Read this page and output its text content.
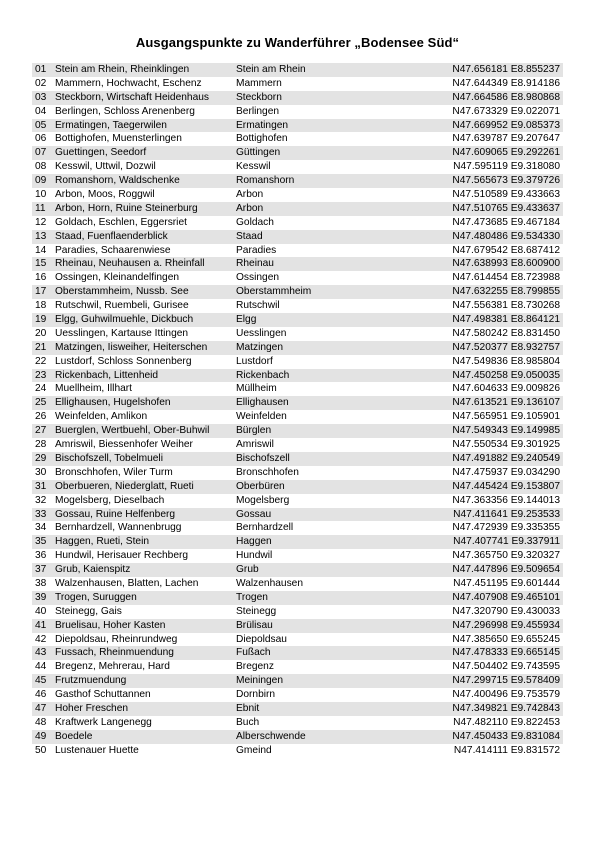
Ausgangspunkte zu Wanderführer „Bodensee Süd“
01 Stein am Rhein, Rheinklingen	Stein am Rhein	N47.656181 E8.855237
02 Mammern, Hochwacht, Eschenz	Mammern	N47.644349 E8.914186
03 Steckborn, Wirtschaft Heidenhaus	Steckborn	N47.664586 E8.980868
04 Berlingen, Schloss Arenenberg	Berlingen	N47.673329 E9.022071
05 Ermatingen, Taegerwilen	Ermatingen	N47.669952 E9.085373
06 Bottighofen, Muensterlingen	Bottighofen	N47.639787 E9.207647
07 Guettingen, Seedorf	Güttingen	N47.609065 E9.292261
08 Kesswil, Uttwil, Dozwil	Kesswil	N47.595119 E9.318080
09 Romanshorn, Waldschenke	Romanshorn	N47.565673 E9.379726
10 Arbon, Moos, Roggwil	Arbon	N47.510589 E9.433663
11 Arbon, Horn, Ruine Steinerburg	Arbon	N47.510765 E9.433637
12 Goldach, Eschlen, Eggersriet	Goldach	N47.473685 E9.467184
13 Staad, Fuenflaenderblick	Staad	N47.480486 E9.534330
14 Paradies, Schaarenwiese	Paradies	N47.679542 E8.687412
15 Rheinau, Neuhausen a. Rheinfall	Rheinau	N47.638993 E8.600900
16 Ossingen, Kleinandelfingen	Ossingen	N47.614454 E8.723988
17 Oberstammheim, Nussb. See	Oberstammheim	N47.632255 E8.799855
18 Rutschwil, Ruembeli, Gurisee	Rutschwil	N47.556381 E8.730268
19 Elgg, Guhwilmuehle, Dickbuch	Elgg	N47.498381 E8.864121
20 Uesslingen, Kartause Ittingen	Uesslingen	N47.580242 E8.831450
21 Matzingen, Iisweiher, Heiterschen	Matzingen	N47.520377 E8.932757
22 Lustdorf, Schloss Sonnenberg	Lustdorf	N47.549836 E8.985804
23 Rickenbach, Littenheid	Rickenbach	N47.450258 E9.050035
24 Muellheim, Illhart	Müllheim	N47.604633 E9.009826
25 Ellighausen, Hugelshofen	Ellighausen	N47.613521 E9.136107
26 Weinfelden, Amlikon	Weinfelden	N47.565951 E9.105901
27 Buerglen, Wertbuehl, Ober-Buhwil	Bürglen	N47.549343 E9.149985
28 Amriswil, Biessenhofer Weiher	Amriswil	N47.550534 E9.301925
29 Bischofszell, Tobelmueli	Bischofszell	N47.491882 E9.240549
30 Bronschhofen, Wiler Turm	Bronschhofen	N47.475937 E9.034290
31 Oberbueren, Niederglatt, Rueti	Oberbüren	N47.445424 E9.153807
32 Mogelsberg, Dieselbach	Mogelsberg	N47.363356 E9.144013
33 Gossau, Ruine Helfenberg	Gossau	N47.411641 E9.253533
34 Bernhardzell, Wannenbrugg	Bernhardzell	N47.472939 E9.335355
35 Haggen, Rueti, Stein	Haggen	N47.407741 E9.337911
36 Hundwil, Herisauer Rechberg	Hundwil	N47.365750 E9.320327
37 Grub, Kaienspitz	Grub	N47.447896 E9.509654
38 Walzenhausen, Blatten, Lachen	Walzenhausen	N47.451195 E9.601444
39 Trogen, Suruggen	Trogen	N47.407908 E9.465101
40 Steinegg, Gais	Steinegg	N47.320790 E9.430033
41 Bruelisau, Hoher Kasten	Brülisau	N47.296998 E9.455934
42 Diepoldsau, Rheinrundweg	Diepoldsau	N47.385650 E9.655245
43 Fussach, Rheinmuendung	Fußach	N47.478333 E9.665145
44 Bregenz, Mehrerau, Hard	Bregenz	N47.504402 E9.743595
45 Frutzmuendung	Meiningen	N47.299715 E9.578409
46 Gasthof Schuttannen	Dornbirn	N47.400496 E9.753579
47 Hoher Freschen	Ebnit	N47.349821 E9.742843
48 Kraftwerk Langenegg	Buch	N47.482110 E9.822453
49 Boedele	Alberschwende	N47.450433 E9.831084
50 Lustenauer Huette	Gmeind	N47.414111 E9.831572
